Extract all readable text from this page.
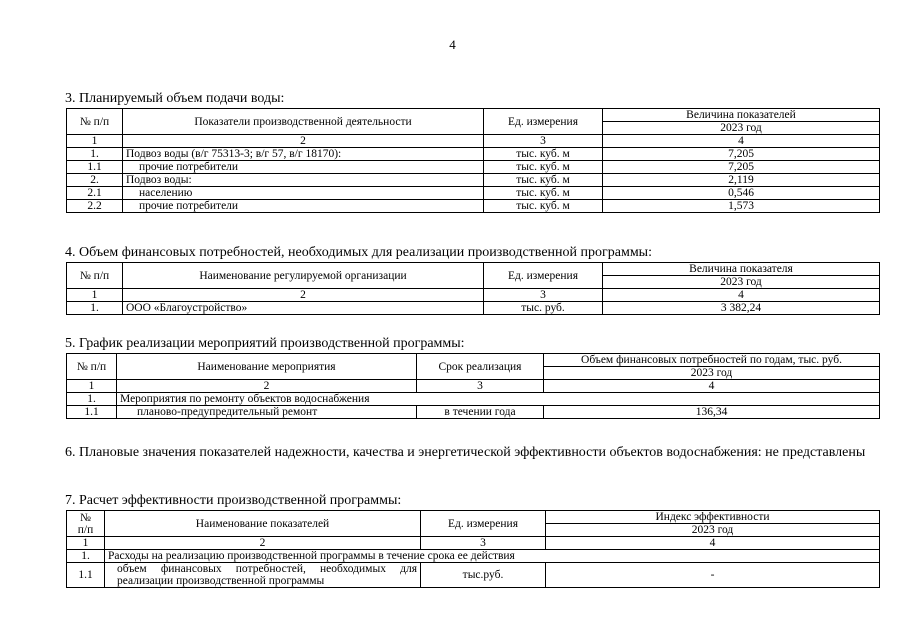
4
3. Планируемый объем подачи воды:
№ п/п	Показатели производственной деятельности	Ед. измерения	Величина показателей
			2023 год
1	2	3	4
1.	Подвоз воды (в/г 75313-3; в/г 57, в/г 18170):	тыс. куб. м	7,205
1.1	прочие потребители	тыс. куб. м	7,205
2.	Подвоз воды:	тыс. куб. м	2,119
2.1	населению	тыс. куб. м	0,546
2.2	прочие потребители	тыс. куб. м	1,573
4. Объем финансовых потребностей, необходимых для реализации производственной программы:
№ п/п	Наименование регулируемой организации	Ед. измерения	Величина показателя
			2023 год
1	2	3	4
1.	ООО «Благоустройство»	тыс. руб.	3 382,24
5. График реализации мероприятий производственной программы:
№ п/п	Наименование мероприятия	Срок реализация	Объем финансовых потребностей по годам, тыс. руб.
			2023 год
1	2	3	4
1.	Мероприятия по ремонту объектов водоснабжения		
1.1	планово-предупредительный ремонт	в течении года	136,34
6. Плановые значения показателей надежности, качества и энергетической эффективности объектов водоснабжения: не представлены
7. Расчет эффективности производственной программы:
№
п/п	Наименование показателей	Ед. измерения	Индекс эффективности
			2023 год
1	2	3	4
1.	Расходы на реализацию производственной программы в течение срока ее действия		
1.1	объем финансовых потребностей, необходимых для реализации производственной программы	тыс.руб.	-
